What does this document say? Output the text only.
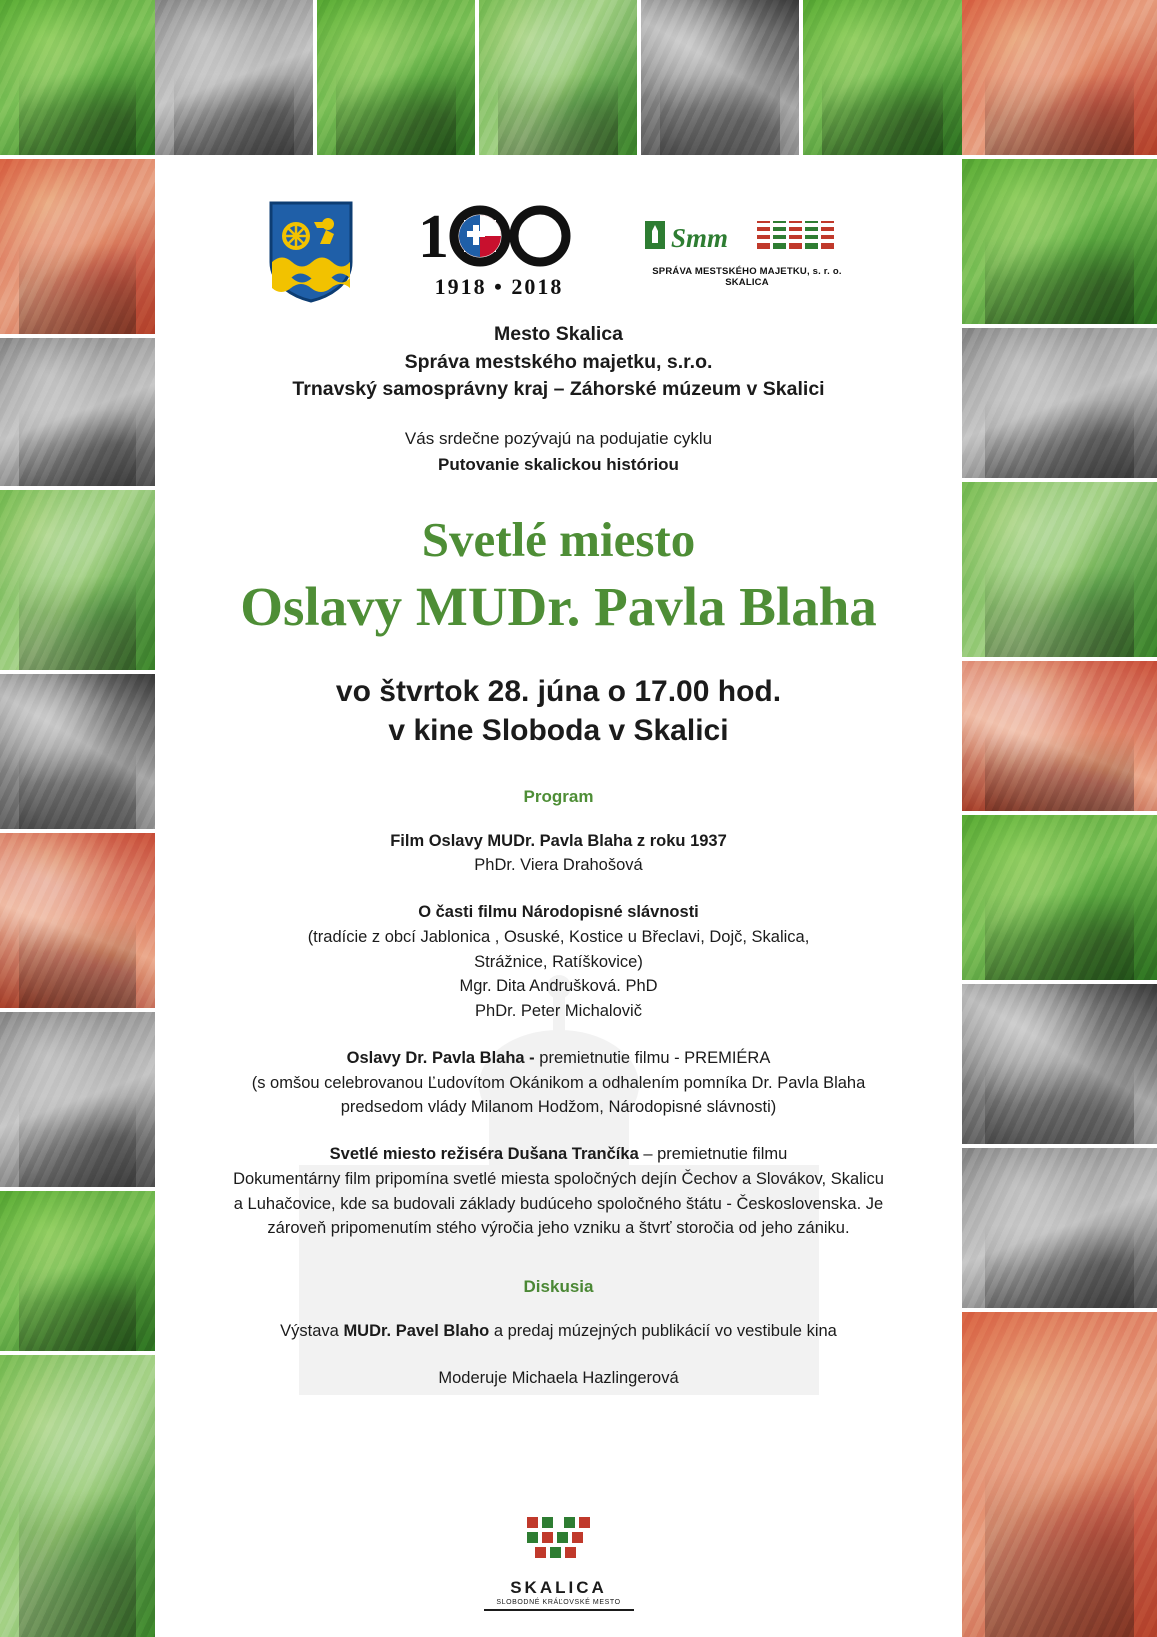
1
1918 • 2018
Smm
SPRÁVA MESTSKÉHO MAJETKU, s. r. o. SKALICA
Mesto Skalica
Správa mestského majetku, s.r.o.
Trnavský samosprávny kraj – Záhorské múzeum v Skalici
Vás srdečne pozývajú na podujatie cyklu
Putovanie skalickou históriou
Svetlé miesto
Oslavy MUDr. Pavla Blaha
vo štvrtok 28. júna o 17.00 hod.
v kine Sloboda v Skalici
Program

Film Oslavy MUDr. Pavla Blaha z roku 1937

PhDr. Viera Drahošová

O časti filmu Národopisné slávnosti

(tradície z obcí Jablonica , Osuské, Kostice u Břeclavi, Dojč, Skalica,

Strážnice, Ratíškovice)

Mgr. Dita Andrušková. PhD

PhDr. Peter Michalovič

Oslavy Dr. Pavla Blaha - premietnutie filmu - PREMIÉRA

(s omšou celebrovanou Ľudovítom Okánikom a odhalením pomníka Dr. Pavla Blaha

predsedom vlády Milanom Hodžom, Národopisné slávnosti)

Svetlé miesto režiséra Dušana Trančíka – premietnutie filmu

Dokumentárny film pripomína svetlé miesta spoločných dejín Čechov a Slovákov, Skalicu

a Luhačovice, kde sa budovali základy budúceho spoločného štátu - Československa. Je

zároveň pripomenutím stého výročia jeho vzniku a štvrť storočia od jeho zániku.

Diskusia

Výstava MUDr. Pavel Blaho a predaj múzejných publikácií vo vestibule kina

Moderuje Michaela Hazlingerová

SKALICA
SLOBODNÉ KRÁĽOVSKÉ MESTO
